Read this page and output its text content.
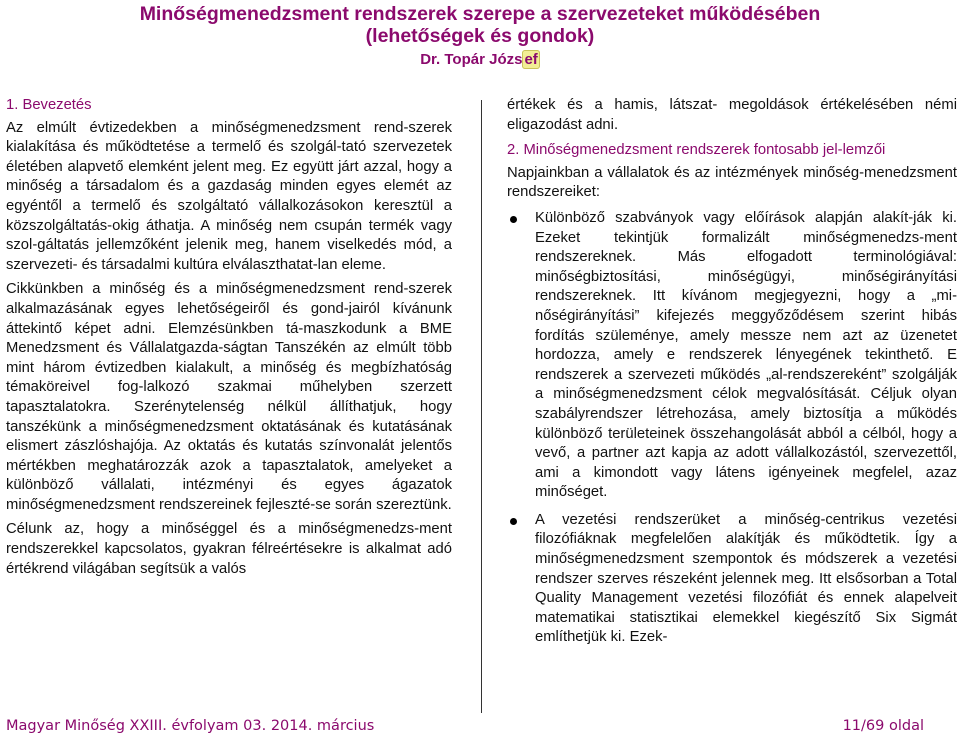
Minőségmenedzsment rendszerek szerepe a szervezeteket működésében
(lehetőségek és gondok)
Dr. Topár Józs ef

1. Bevezetés

Az elmúlt évtizedekben a minőségmenedzsment rend-szerek kialakítása és működtetése a termelő és szolgál-tató szervezetek életében alapvető elemként jelent meg. Ez együtt járt azzal, hogy a minőség a társadalom és a gazdaság minden egyes elemét az egyéntől a termelő és szolgáltató vállalkozásokon keresztül a közszolgáltatás-okig áthatja. A minőség nem csupán termék vagy szol-gáltatás jellemzőként jelenik meg, hanem viselkedés mód, a szervezeti- és társadalmi kultúra elválaszthatat-lan eleme.

Cikkünkben a minőség és a minőségmenedzsment rend-szerek alkalmazásának egyes lehetőségeiről és gond-jairól kívánunk áttekintő képet adni. Elemzésünkben tá-maszkodunk a BME Menedzsment és Vállalatgazda-ságtan Tanszékén az elmúlt több mint három évtizedben kialakult, a minőség és megbízhatóság témaköreivel fog-lalkozó szakmai műhelyben szerzett tapasztalatokra. Szerénytelenség nélkül állíthatjuk, hogy tanszékünk a minőségmenedzsment oktatásának és kutatásának elismert zászlóshajója. Az oktatás és kutatás színvonalát jelentős mértékben meghatározzák azok a tapasztalatok, amelyeket a különböző vállalati, intézményi és egyes ágazatok minőségmenedzsment rendszereinek fejleszté-se során szereztünk.

Célunk az, hogy a minőséggel és a minőségmenedzs-ment rendszerekkel kapcsolatos, gyakran félreértésekre is alkalmat adó értékrend világában segítsük a valós

értékek és a hamis, látszat- megoldások értékelésében némi eligazodást adni.

2. Minőségmenedzsment rendszerek fontosabb jel-lemzői

Napjainkban a vállalatok és az intézmények minőség-menedzsment rendszereiket:

Különböző szabványok vagy előírások alapján alakít-ják ki. Ezeket tekintjük formalizált minőségmenedzs-ment rendszereknek. Más elfogadott terminológiával: minőségbiztosítási, minőségügyi, minőségirányítási rendszereknek. Itt kívánom megjegyezni, hogy a „mi-nőségirányítási” kifejezés meggyőződésem szerint hibás fordítás szüleménye, amely messze nem azt az üzenetet hordozza, amely e rendszerek lényegének tekinthető. E rendszerek a szervezeti működés „al-rendszereként” szolgálják a minőségmenedzsment célok megvalósítását. Céljuk olyan szabályrendszer létrehozása, amely biztosítja a működés különböző területeinek összehangolását abból a célból, hogy a vevő, a partner azt kapja az adott vállalkozástól, szervezettől, ami a kimondott vagy látens igényeinek megfelel, azaz minőséget.
A vezetési rendszerüket a minőség-centrikus vezetési filozófiáknak megfelelően alakítják és működtetik. Így a minőségmenedzsment szempontok és módszerek a vezetési rendszer szerves részeként jelennek meg. Itt elsősorban a Total Quality Management vezetési filozófiát és ennek alapelveit matematikai statisztikai elemekkel kiegészítő Six Sigmát említhetjük ki. Ezek-
Magyar Minőség XXIII. évfolyam 03. 2014. március	11/69 oldal
